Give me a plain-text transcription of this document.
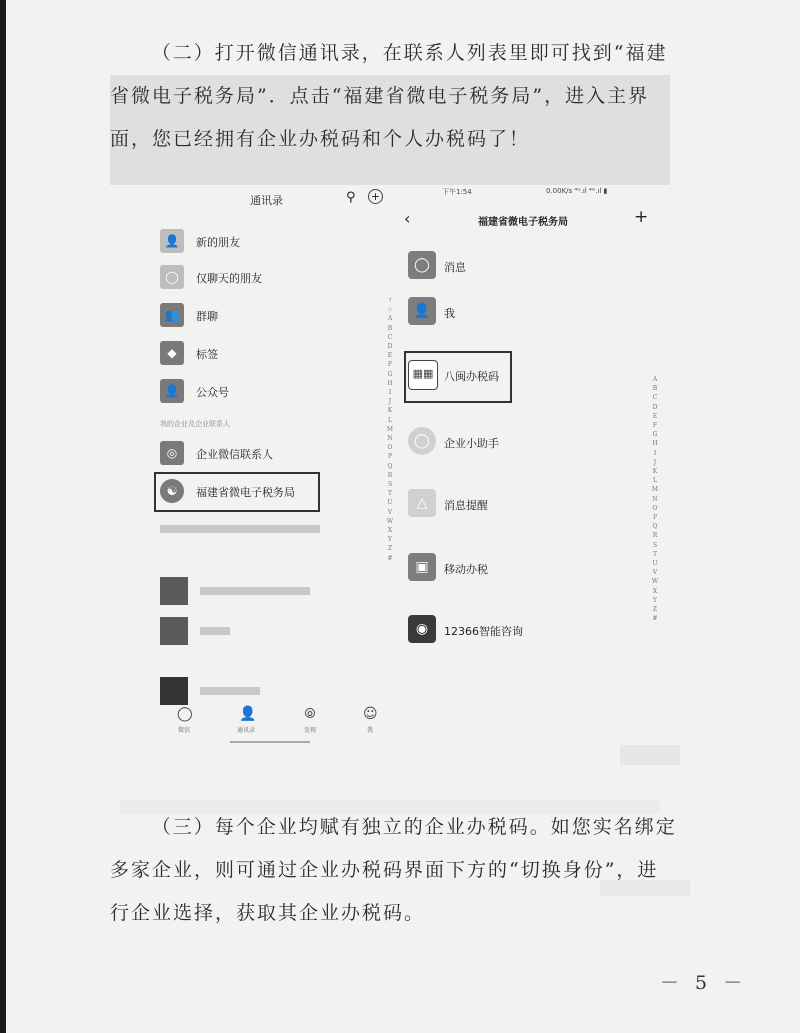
（二）打开微信通讯录，在联系人列表里即可找到“福建
省微电子税务局”．点击“福建省微电子税务局”，进入主界
面，您已经拥有企业办税码和个人办税码了！
通讯录	⚲ +
👤	新的朋友
◯	仅聊天的朋友
👥	群聊
◆	标签
👤	公众号
我的企业及企业联系人
◎	企业微信联系人
☯	福建省微电子税务局
◯
微信
👤
通讯录
⦾
发现
☺
我
↑
☆
A
B
C
D
E
F
G
H
I
J
K
L
M
N
O
P
Q
R
S
T
U
V
W
X
Y
Z
#
下午1:54	0.00K/s ⁴ᴳ.ıl ⁴ᴳ.ıl ▮
‹	福建省微电子税务局	+
◯	消息
👤	我
▦▦ 八闽办税码
◯	企业小助手
△	消息提醒
▣	移动办税
◉	12366智能咨询
A
B
C
D
E
F
G
H
I
J
K
L
M
N
O
P
Q
R
S
T
U
V
W
X
Y
Z
#
（三）每个企业均赋有独立的企业办税码。如您实名绑定
多家企业，则可通过企业办税码界面下方的“切换身份”，进
行企业选择，获取其企业办税码。
－ 5 －
